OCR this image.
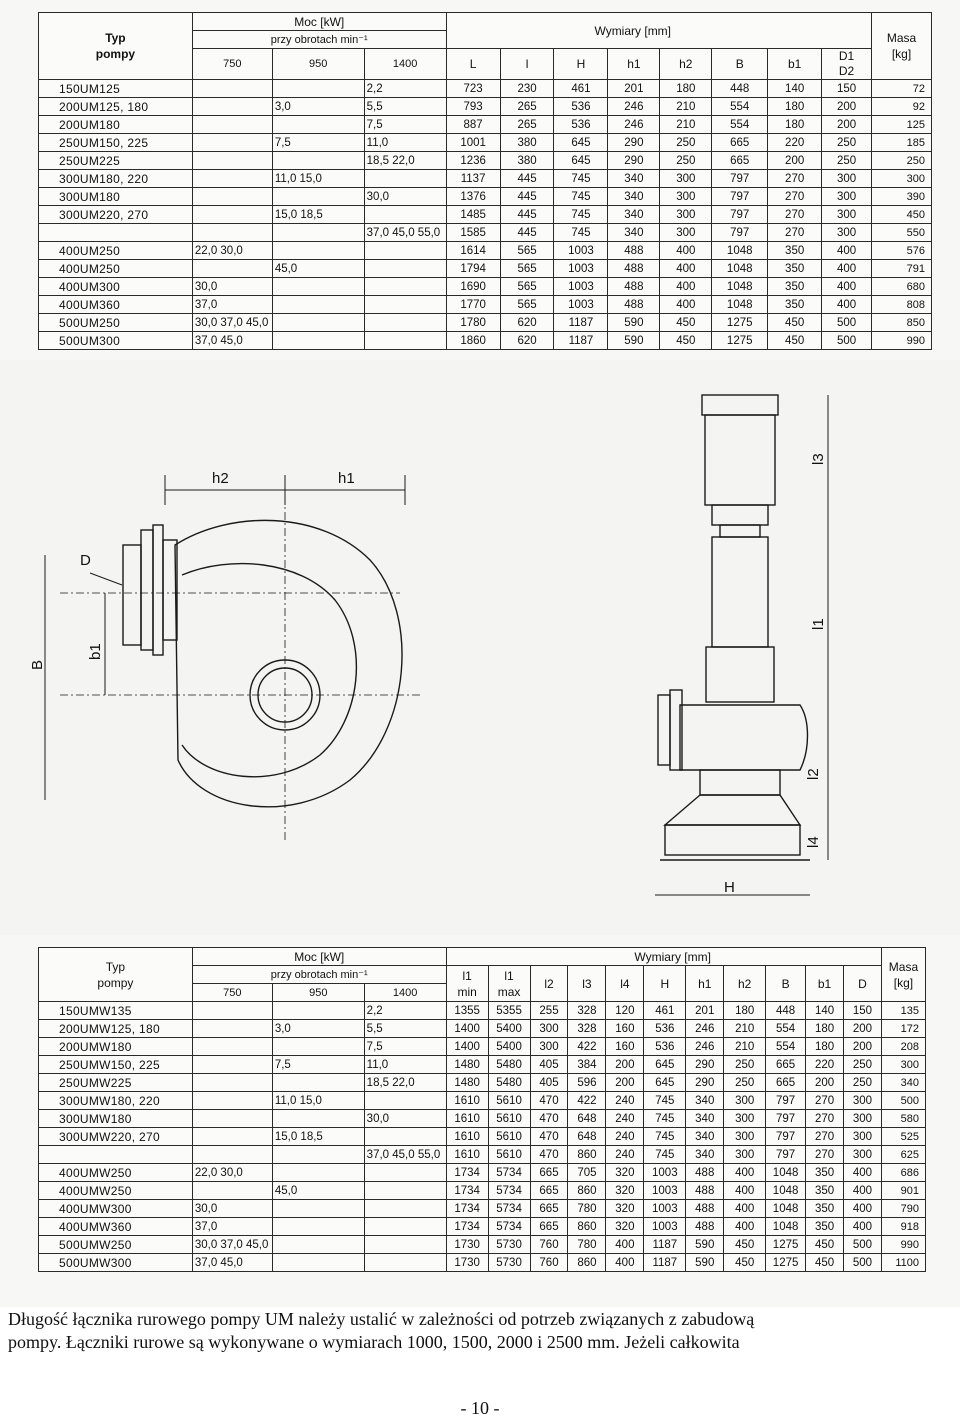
Typ
pompy	Moc [kW]			Wymiary [mm]								Masa
[kg]

	przy obrotach min⁻¹											
	750	950	1400	L	l	H	h1	h2	B	b1	D1
D2	

150UM125			2,2	723	230	461	201	180	448	140	150	72
200UM125, 180		3,0	5,5	793	265	536	246	210	554	180	200	92
200UM180			7,5	887	265	536	246	210	554	180	200	125
250UM150, 225		7,5	11,0	1001	380	645	290	250	665	220	250	185
250UM225			18,5 22,0	1236	380	645	290	250	665	200	250	250
300UM180, 220		11,0 15,0		1137	445	745	340	300	797	270	300	300
300UM180			30,0	1376	445	745	340	300	797	270	300	390
300UM220, 270		15,0 18,5		1485	445	745	340	300	797	270	300	450
			37,0 45,0 55,0	1585	445	745	340	300	797	270	300	550
400UM250	22,0 30,0			1614	565	1003	488	400	1048	350	400	576
400UM250		45,0		1794	565	1003	488	400	1048	350	400	791
400UM300	30,0			1690	565	1003	488	400	1048	350	400	680
400UM360	37,0			1770	565	1003	488	400	1048	350	400	808
500UM250	30,0 37,0 45,0			1780	620	1187	590	450	1275	450	500	850
500UM300	37,0 45,0			1860	620	1187	590	450	1275	450	500	990
h2	h1
D
b1
B
l3
l1
l2
l4
H
Typ
pompy	Moc [kW]			Wymiary [mm]											Masa
[kg]

	przy obrotach min⁻¹			l1
min	l1
max	l2	l3	l4	H	h1	h2	B	b1	D	

	750	950	1400												
150UMW135			2,2	1355	5355	255	328	120	461	201	180	448	140	150	135
200UMW125, 180		3,0	5,5	1400	5400	300	328	160	536	246	210	554	180	200	172
200UMW180			7,5	1400	5400	300	422	160	536	246	210	554	180	200	208
250UMW150, 225		7,5	11,0	1480	5480	405	384	200	645	290	250	665	220	250	300
250UMW225			18,5 22,0	1480	5480	405	596	200	645	290	250	665	200	250	340
300UMW180, 220		11,0 15,0		1610	5610	470	422	240	745	340	300	797	270	300	500
300UMW180			30,0	1610	5610	470	648	240	745	340	300	797	270	300	580
300UMW220, 270		15,0 18,5		1610	5610	470	648	240	745	340	300	797	270	300	525
			37,0 45,0 55,0	1610	5610	470	860	240	745	340	300	797	270	300	625
400UMW250	22,0 30,0			1734	5734	665	705	320	1003	488	400	1048	350	400	686
400UMW250		45,0		1734	5734	665	860	320	1003	488	400	1048	350	400	901
400UMW300	30,0			1734	5734	665	780	320	1003	488	400	1048	350	400	790
400UMW360	37,0			1734	5734	665	860	320	1003	488	400	1048	350	400	918
500UMW250	30,0 37,0 45,0			1730	5730	760	780	400	1187	590	450	1275	450	500	990
500UMW300	37,0 45,0			1730	5730	760	860	400	1187	590	450	1275	450	500	1100
Długość łącznika rurowego pompy UM należy ustalić w zależności od potrzeb związanych z zabudową
pompy. Łączniki rurowe są wykonywane o wymiarach 1000, 1500, 2000 i 2500 mm. Jeżeli całkowita
- 10 -
